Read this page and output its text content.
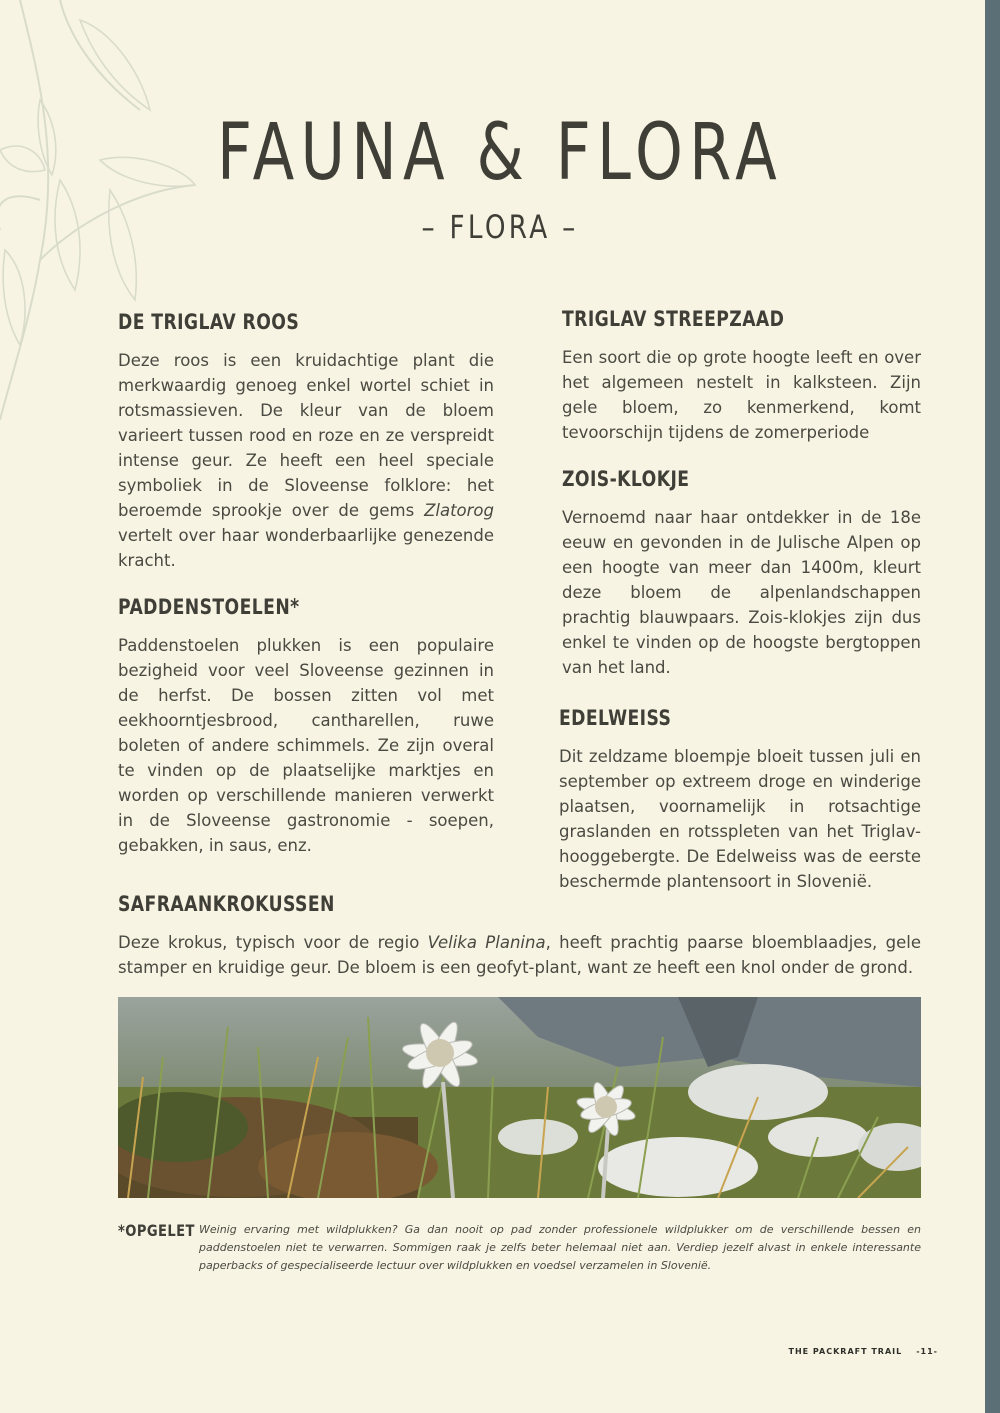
FAUNA & FLORA
– FLORA –
DE TRIGLAV ROOS

Deze roos is een kruidachtige plant die merkwaardig genoeg enkel wortel schiet in rotsmassieven. De kleur van de bloem varieert tussen rood en roze en ze verspreidt intense geur. Ze heeft een heel speciale symboliek in de Sloveense folklore: het beroemde sprookje over de gems Zlatorog vertelt over haar wonderbaarlijke genezende kracht.

PADDENSTOELEN*

Paddenstoelen plukken is een populaire bezigheid voor veel Sloveense gezinnen in de herfst. De bossen zitten vol met eekhoorntjesbrood, cantharellen, ruwe boleten of andere schimmels. Ze zijn overal te vinden op de plaatselijke marktjes en worden op verschillende manieren verwerkt in de Sloveense gastronomie - soepen, gebakken, in saus, enz.

TRIGLAV STREEPZAAD

Een soort die op grote hoogte leeft en over het algemeen nestelt in kalksteen. Zijn gele bloem, zo kenmerkend, komt tevoorschijn tijdens de zomerperiode

ZOIS-KLOKJE

Vernoemd naar haar ontdekker in de 18e eeuw en gevonden in de Julische Alpen op een hoogte van meer dan 1400m, kleurt deze bloem de alpenlandschappen prachtig blauwpaars. Zois-klokjes zijn dus enkel te vinden op de hoogste bergtoppen van het land.

EDELWEISS

Dit zeldzame bloempje bloeit tussen juli en september op extreem droge en winderige plaatsen, voornamelijk in rotsachtige graslanden en rotsspleten van het Triglav-hooggebergte. De Edelweiss was de eerste beschermde plantensoort in Slovenië.

SAFRAANKROKUSSEN

Deze krokus, typisch voor de regio Velika Planina, heeft prachtig paarse bloemblaadjes, gele stamper en kruidige geur. De bloem is een geofyt-plant, want ze heeft een knol onder de grond.

*OPGELET Weinig ervaring met wildplukken? Ga dan nooit op pad zonder professionele wildplukker om de verschillende bessen en paddenstoelen niet te verwarren. Sommigen raak je zelfs beter helemaal niet aan. Verdiep jezelf alvast in enkele interessante paperbacks of gespecialiseerde lectuur over wildplukken en voedsel verzamelen in Slovenië.

THE PACKRAFT TRAIL -11-
